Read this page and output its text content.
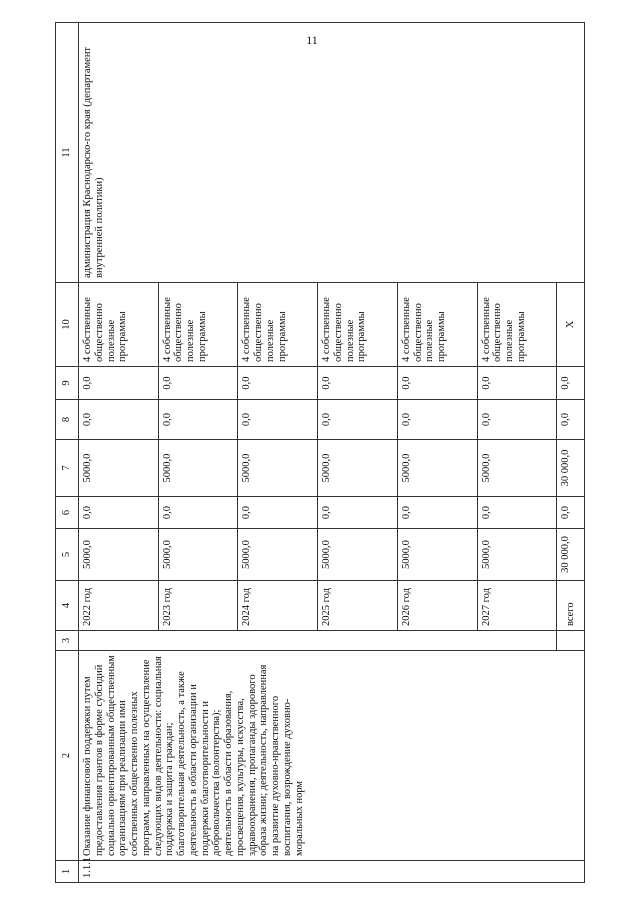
11
1	2	3	4	5	6	7	8	9	10	11
1.1.1	Оказание финансовой поддержки путем предоставления грантов в форме субсидий социально ориентированным общественным организациям при реализации ими собственных общественно полезных программ, направленных на осуществление следующих видов деятельности: социальная поддержка и защита граждан; благотворительная деятельность, а также деятельность в области организации и поддержки благотворительности и добровольчества (волонтерства); деятельность в области образования, просвещения, культуры, искусства, здравоохранения, пропаганды здорового образа жизни; деятельность, направленная на развитие духовно-нравственного воспитания, возрождение духовно-моральных норм		2022 год	5000,0	0,0	5000,0	0,0	0,0	4 собственные общественно полезные программы	администрация Краснодарско-го края (департамент внутренней политики)
			2023 год	5000,0	0,0	5000,0	0,0	0,0	4 собственные общественно полезные программы	
			2024 год	5000,0	0,0	5000,0	0,0	0,0	4 собственные общественно полезные программы	
			2025 год	5000,0	0,0	5000,0	0,0	0,0	4 собственные общественно полезные программы	
			2026 год	5000,0	0,0	5000,0	0,0	0,0	4 собственные общественно полезные программы	
			2027 год	5000,0	0,0	5000,0	0,0	0,0	4 собственные общественно полезные программы	
			всего	30 000,0	0,0	30 000,0	0,0	0,0	Х	
